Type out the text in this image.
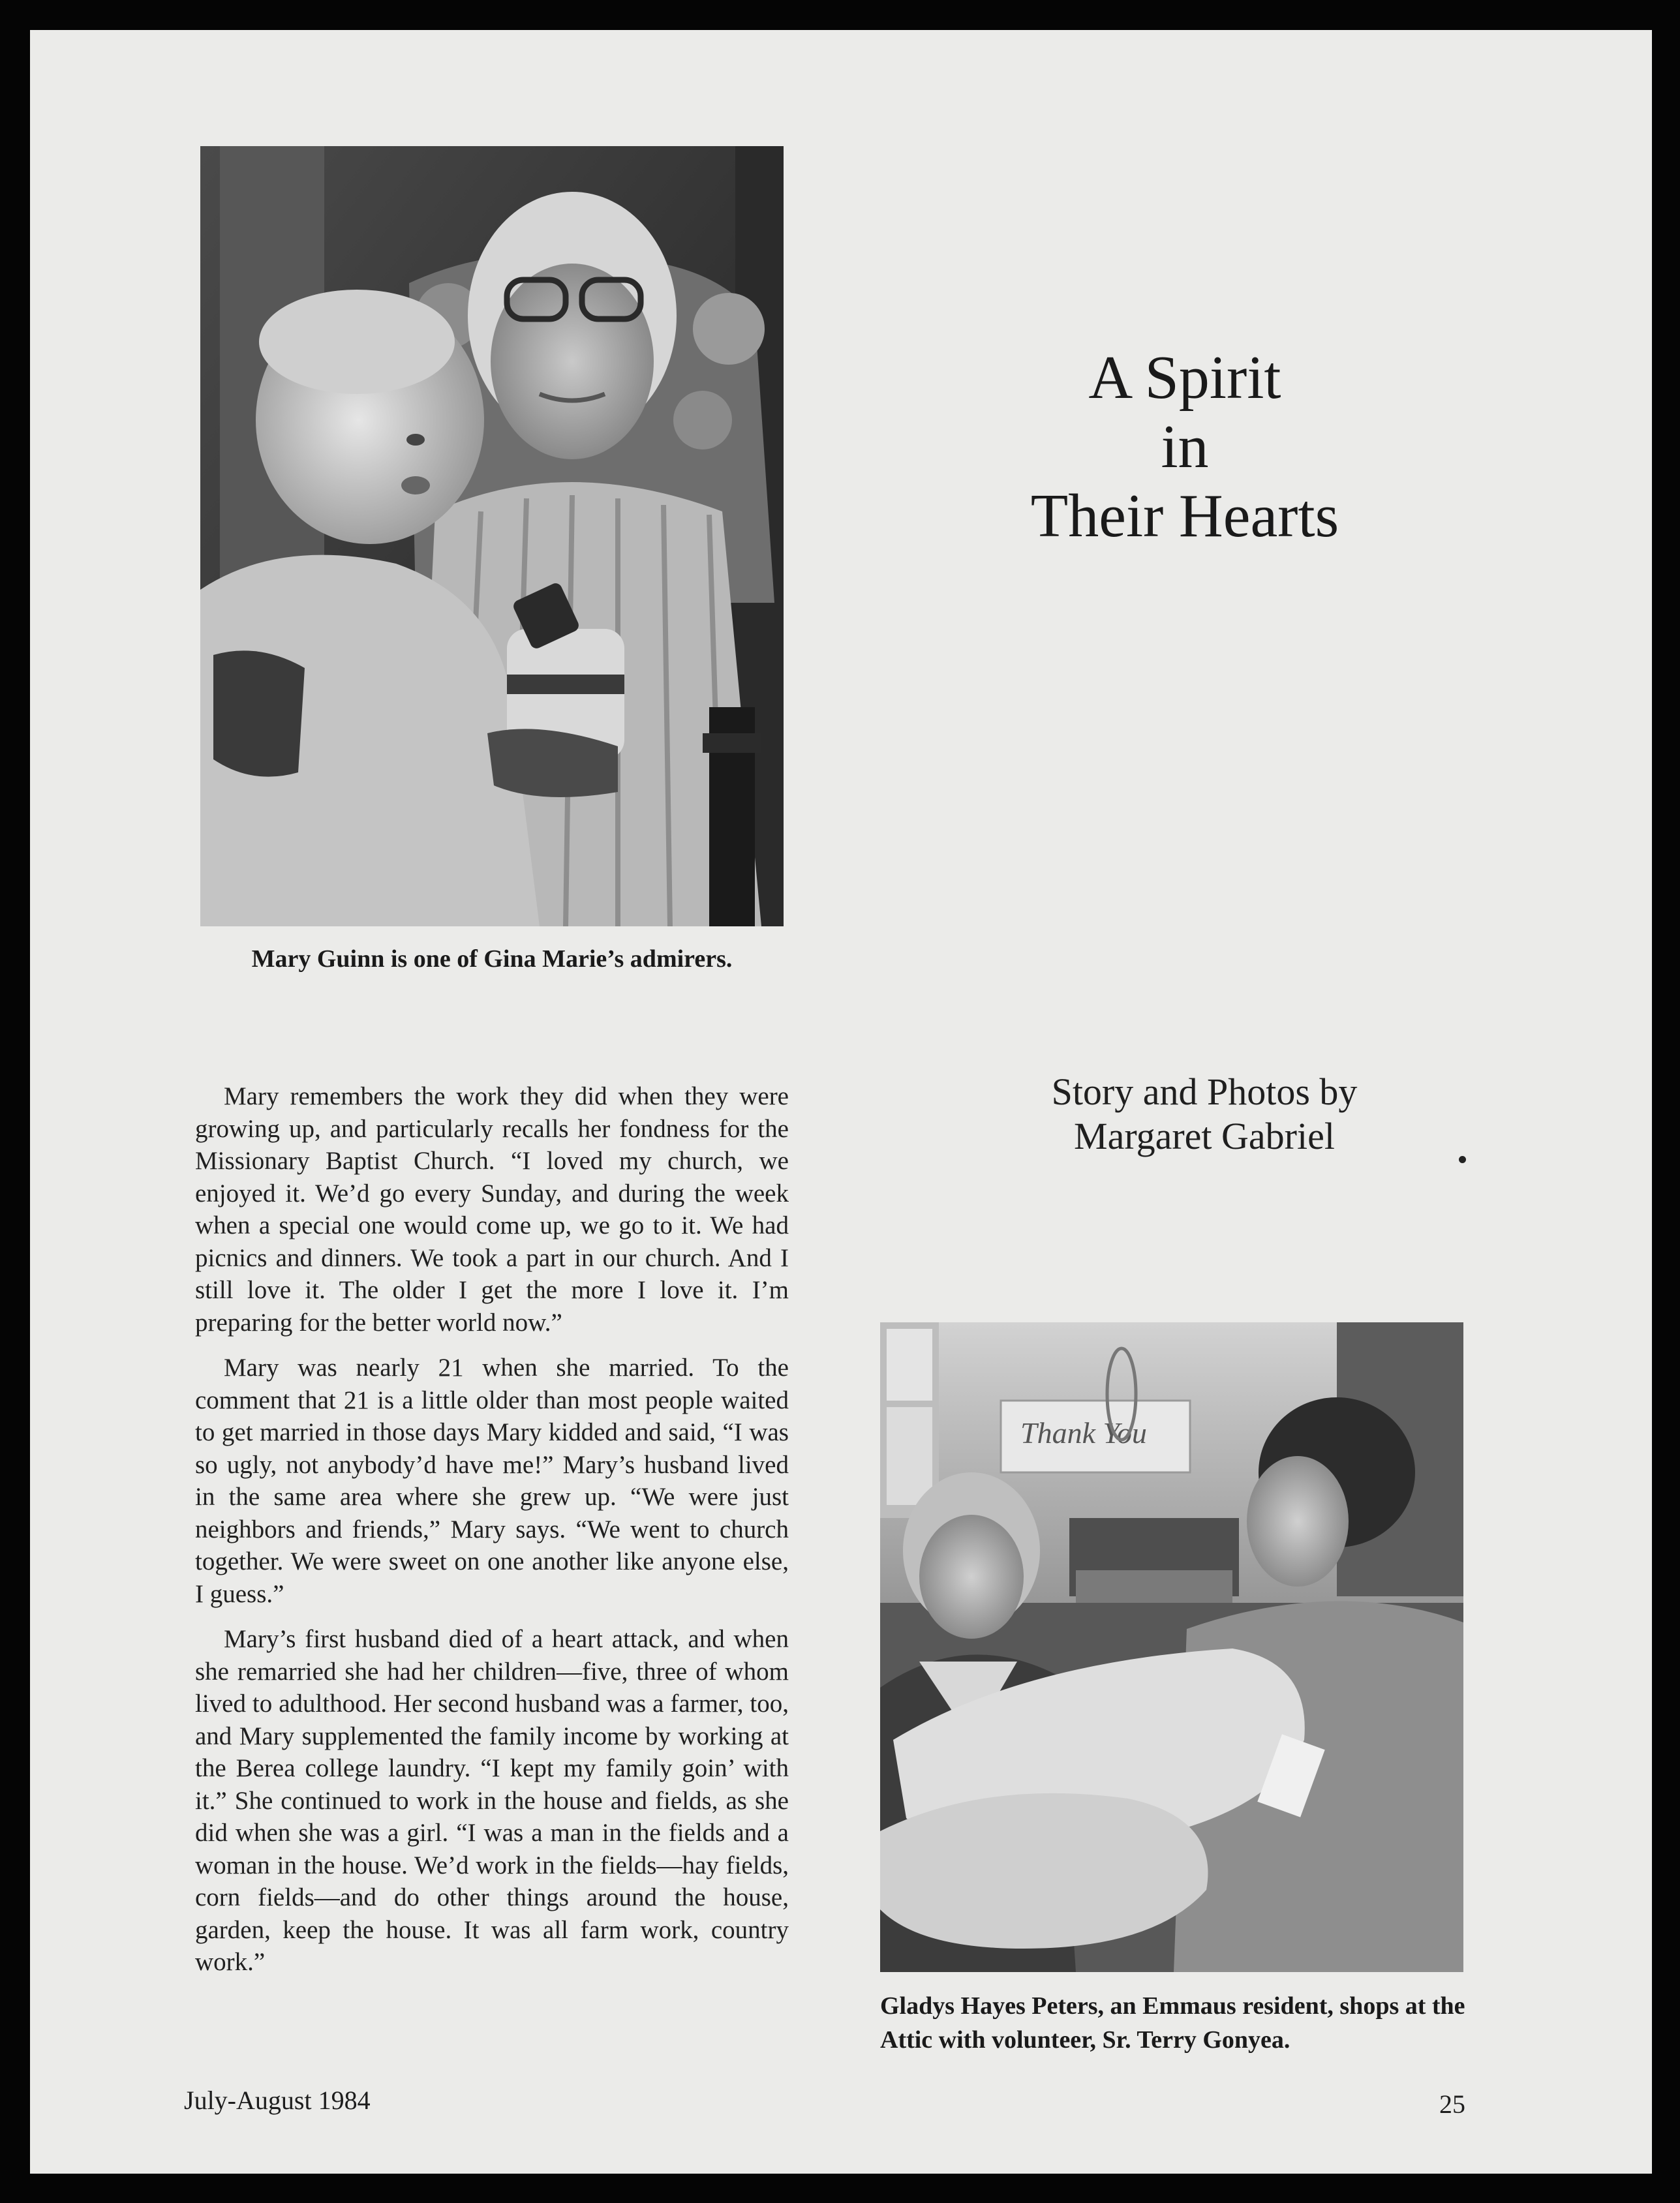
Mary Guinn is one of Gina Marie’s admirers.
A Spirit
in
Their Hearts
Story and Photos by
Margaret Gabriel

Mary remembers the work they did when they were growing up, and particularly recalls her fondness for the Missionary Baptist Church. “I loved my church, we enjoyed it. We’d go every Sunday, and during the week when a special one would come up, we go to it. We had picnics and dinners. We took a part in our church. And I still love it. The older I get the more I love it. I’m preparing for the better world now.”

Mary was nearly 21 when she married. To the comment that 21 is a little older than most people waited to get married in those days Mary kidded and said, “I was so ugly, not anybody’d have me!” Mary’s husband lived in the same area where she grew up. “We were just neighbors and friends,” Mary says. “We went to church together. We were sweet on one another like anyone else, I guess.”

Mary’s first husband died of a heart attack, and when she remarried she had her children—five, three of whom lived to adulthood. Her second husband was a farmer, too, and Mary supplemented the family income by working at the Berea college laundry. “I kept my family goin’ with it.” She continued to work in the house and fields, as she did when she was a girl. “I was a man in the fields and a woman in the house. We’d work in the fields—hay fields, corn fields—and do other things around the house, garden, keep the house. It was all farm work, country work.”

Thank You
Gladys Hayes Peters, an Emmaus resident, shops at the Attic with volunteer, Sr. Terry Gonyea.
July-August 1984	25
